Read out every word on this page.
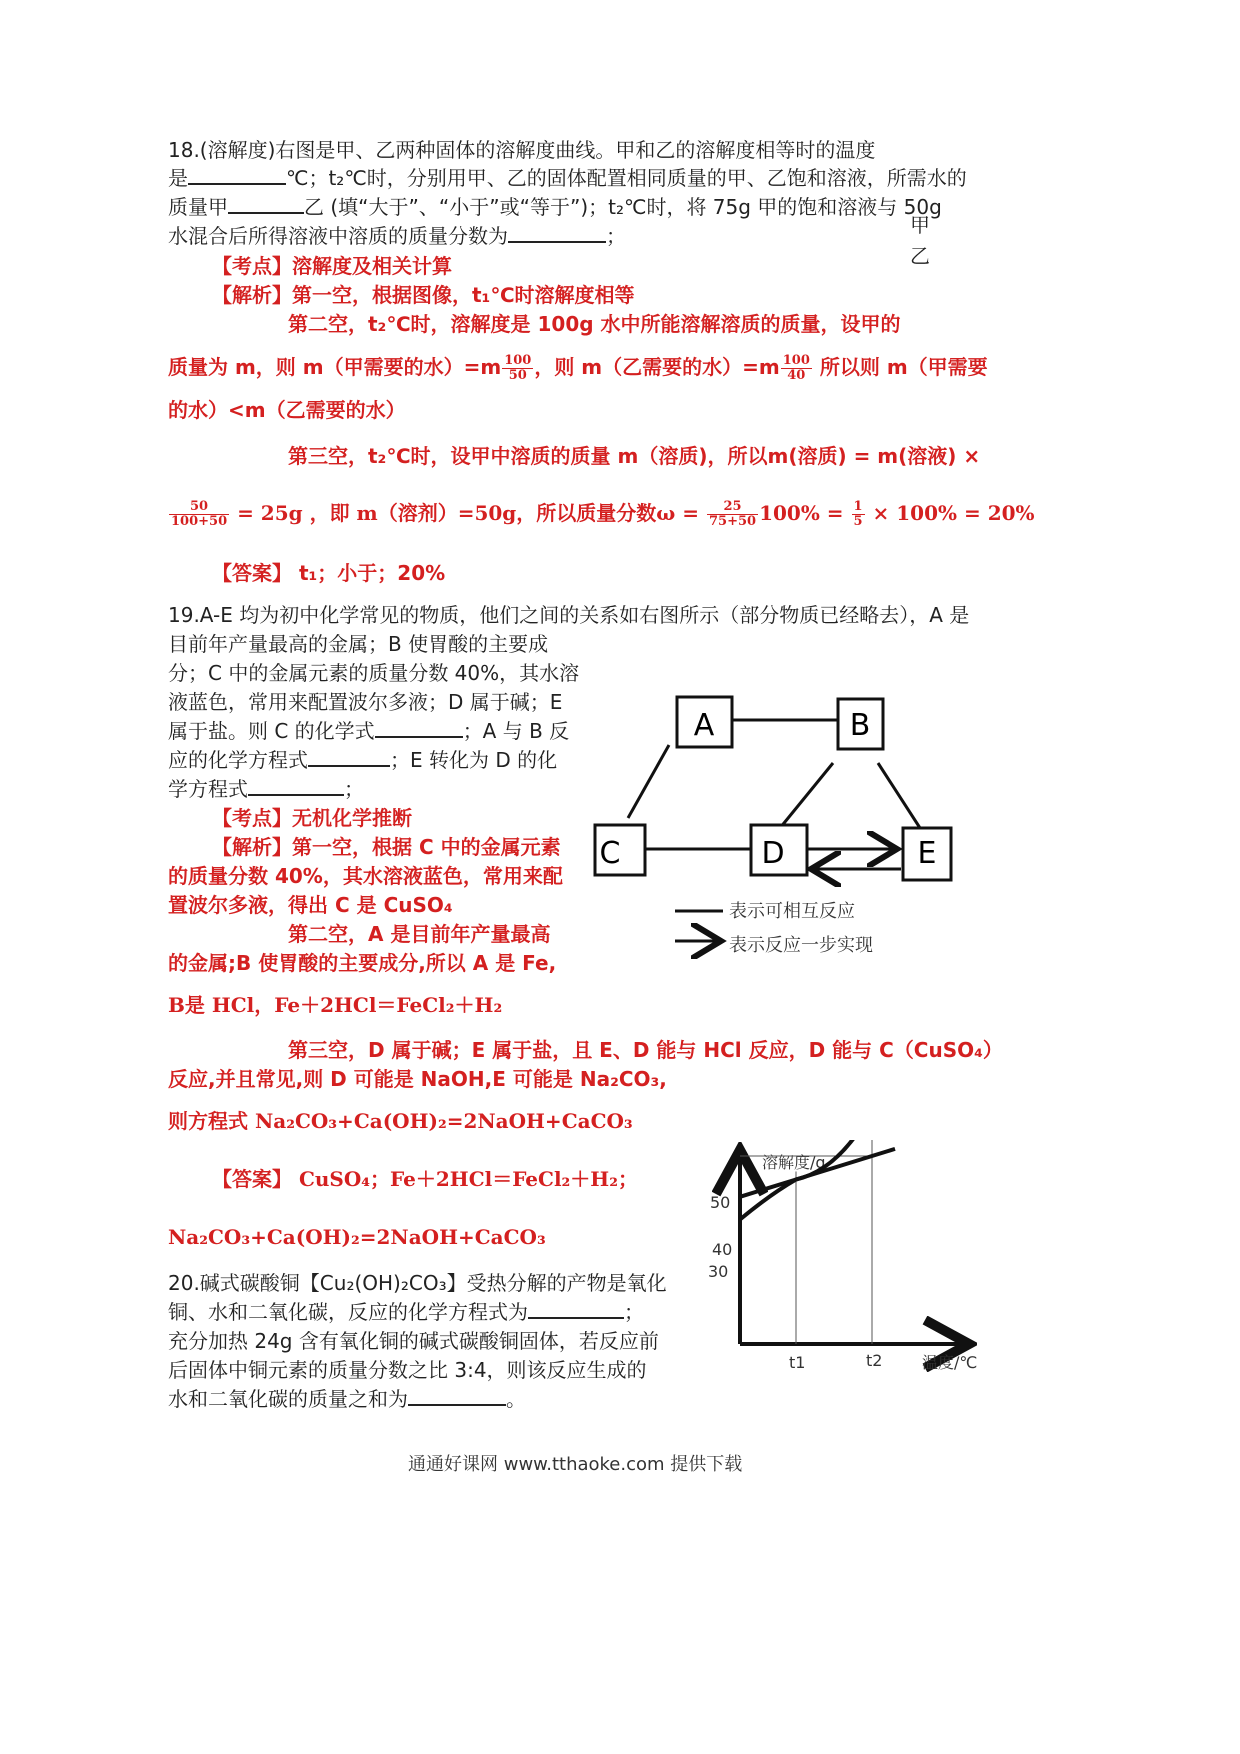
18.(溶解度)右图是甲、乙两种固体的溶解度曲线。甲和乙的溶解度相等时的温度
是	℃；t₂℃时，分别用甲、乙的固体配置相同质量的甲、乙饱和溶液，所需水的
质量甲	乙 (填“大于”、“小于”或“等于”)；t₂℃时，将 75g 甲的饱和溶液与 50g
水混合后所得溶液中溶质的质量分数为	；	甲
乙
【考点】溶解度及相关计算
【解析】第一空，根据图像，t₁℃时溶解度相等
第二空，t₂℃时，溶解度是 100g 水中所能溶解溶质的质量，设甲的
质量为 m，则 m（甲需要的水）$=m \frac{100}{50}$ ，则 m（乙需要的水）$=m \frac{100}{40}$ 所以则 m（甲需要
的水）<m（乙需要的水）
第三空，t₂℃时，设甲中溶质的质量 m（溶质)，所以m(溶质) = m(溶液) ×
$\frac{50}{100+50} = 25g$ ，即 m（溶剂）=50g，所以质量分数$\omega = \frac{25}{75+50} 100\% = \frac{1}{5} \times 100\% = 20\%$
【答案】 t₁；小于；20%
19.A-E 均为初中化学常见的物质，他们之间的关系如右图所示（部分物质已经略去），A 是
目前年产量最高的金属；B 使胃酸的主要成
分；C 中的金属元素的质量分数 40%，其水溶
液蓝色，常用来配置波尔多液；D 属于碱；E
属于盐。则 C 的化学式	；A 与 B 反
应的化学方程式	；E 转化为 D 的化
学方程式	；
【考点】无机化学推断
【解析】第一空，根据 C 中的金属元素
的质量分数 40%，其水溶液蓝色，常用来配
置波尔多液，得出 C 是 CuSO₄
第二空，A 是目前年产量最高
的金属;B 使胃酸的主要成分,所以 A 是 Fe,
B是 HCl，Fe＋2HCl＝FeCl₂＋H₂
第三空，D 属于碱；E 属于盐，且 E、D 能与 HCl 反应，D 能与 C（CuSO₄）
反应,并且常见,则 D 可能是 NaOH,E 可能是 Na₂CO₃,
则方程式 Na₂CO₃+Ca(OH)₂=2NaOH+CaCO₃
【答案】 CuSO₄；Fe＋2HCl＝FeCl₂＋H₂；
Na₂CO₃+Ca(OH)₂=2NaOH+CaCO₃
A	B
C	D	E
表示可相互反应
表示反应一步实现
20.碱式碳酸铜【Cu₂(OH)₂CO₃】受热分解的产物是氧化
铜、水和二氧化碳，反应的化学方程式为	；
充分加热 24g 含有氧化铜的碱式碳酸铜固体，若反应前
后固体中铜元素的质量分数之比 3:4，则该反应生成的
水和二氧化碳的质量之和为	。
溶解度/g
温度/℃
50
40
30
t1	t2
通通好课网 www.tthaoke.com 提供下载
